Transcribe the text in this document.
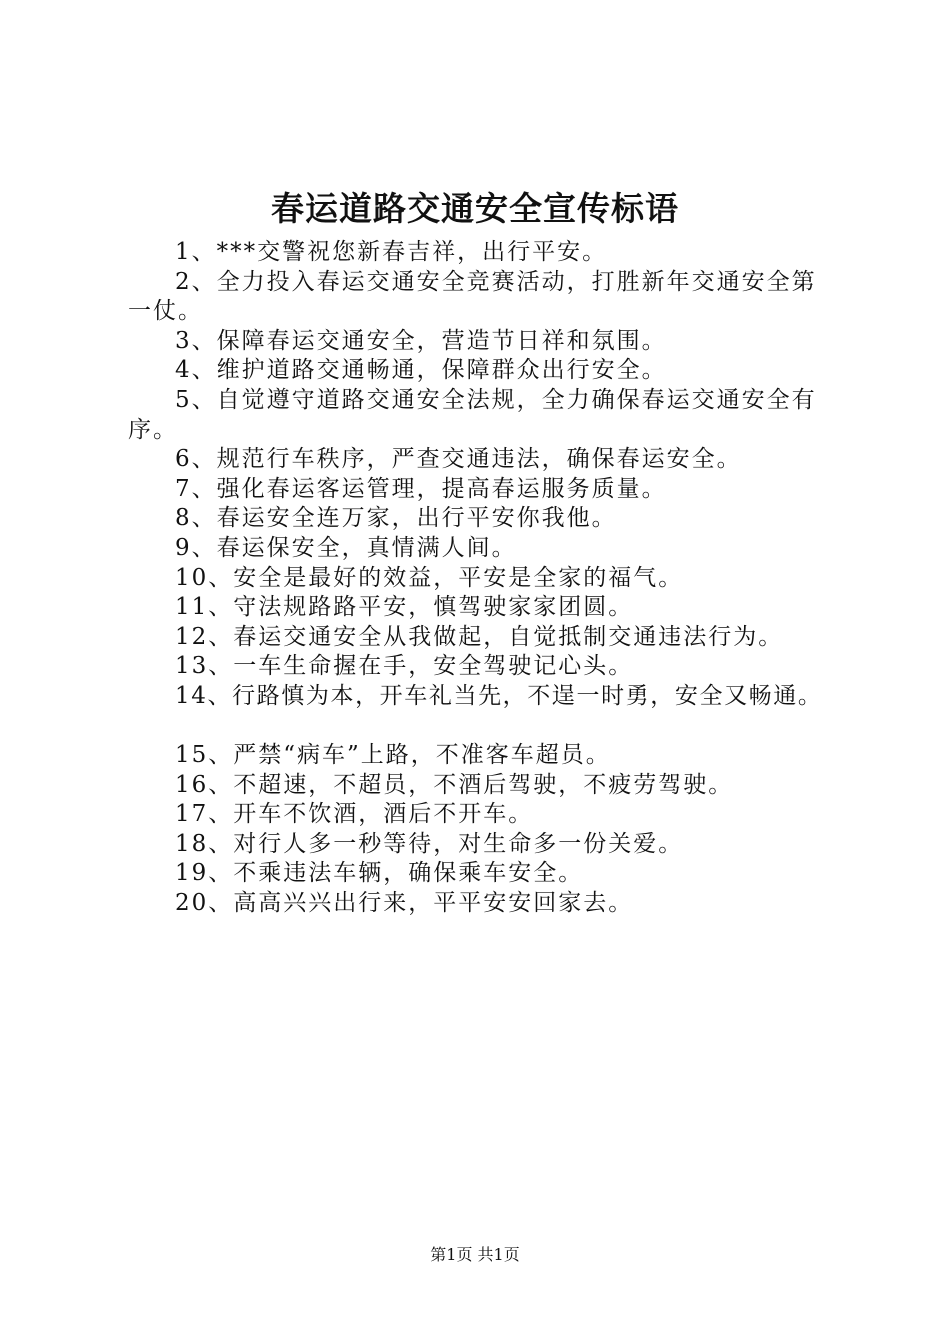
春运道路交通安全宣传标语

1、***交警祝您新春吉祥，出行平安。

2、全力投入春运交通安全竞赛活动，打胜新年交通安全第一仗。

3、保障春运交通安全，营造节日祥和氛围。

4、维护道路交通畅通，保障群众出行安全。

5、自觉遵守道路交通安全法规，全力确保春运交通安全有序。

6、规范行车秩序，严查交通违法，确保春运安全。

7、强化春运客运管理，提高春运服务质量。

8、春运安全连万家，出行平安你我他。

9、春运保安全，真情满人间。

10、安全是最好的效益，平安是全家的福气。

11、守法规路路平安，慎驾驶家家团圆。

12、春运交通安全从我做起，自觉抵制交通违法行为。

13、一车生命握在手，安全驾驶记心头。

14、行路慎为本，开车礼当先，不逞一时勇，安全又畅通。

15、严禁“病车”上路，不准客车超员。

16、不超速，不超员，不酒后驾驶，不疲劳驾驶。

17、开车不饮酒，酒后不开车。

18、对行人多一秒等待，对生命多一份关爱。

19、不乘违法车辆，确保乘车安全。

20、高高兴兴出行来，平平安安回家去。

第1页 共1页
